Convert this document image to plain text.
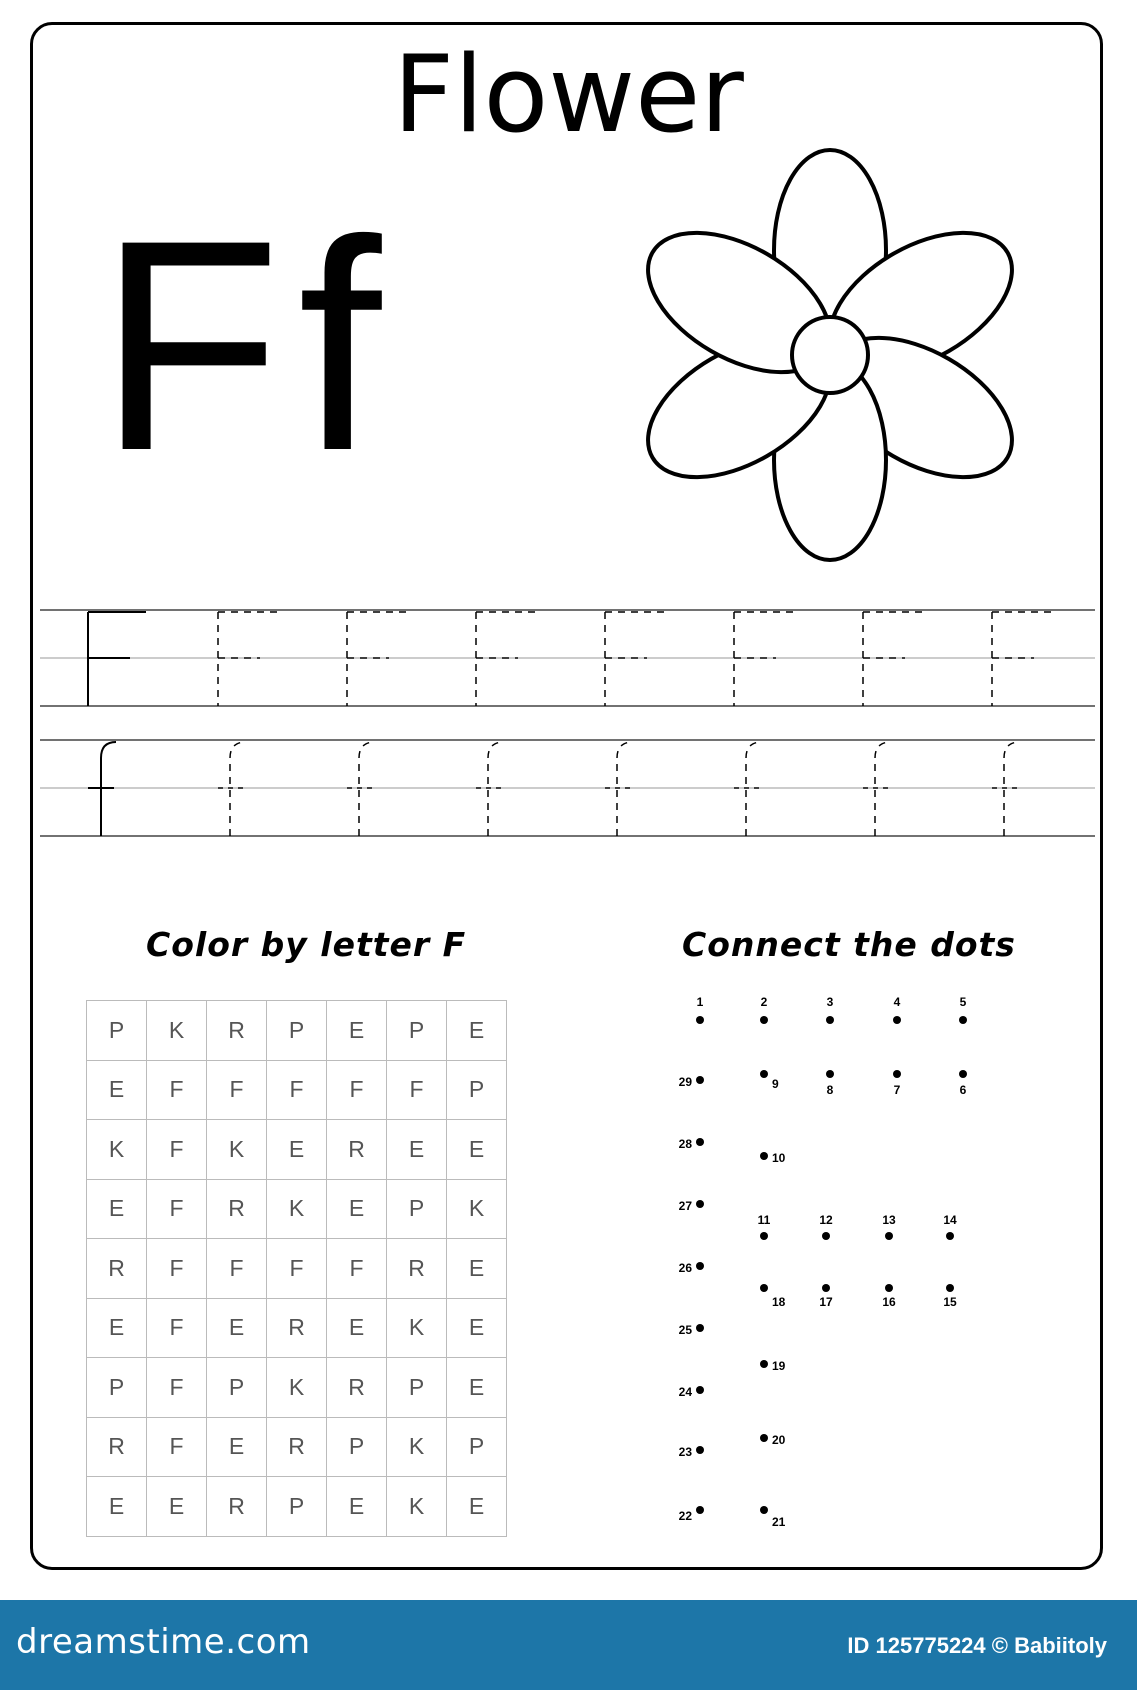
Flower
F f
Color by letter F	Connect the dots
P	K	R	P	E	P	E
E	F	F	F	F	F	P
K	F	K	E	R	E	E
E	F	R	K	E	P	K
R	F	F	F	F	R	E
E	F	E	R	E	K	E
P	F	P	K	R	P	E
R	F	E	R	P	K	P
E	E	R	P	E	K	E
1	2	3	4	5
6
7
8
9
10
11	12	13	14
15
16
17
18
19
20
21
22
23
24
25
26
27
28
29
dreamstime.com	ID 125775224 © Babiitoly
